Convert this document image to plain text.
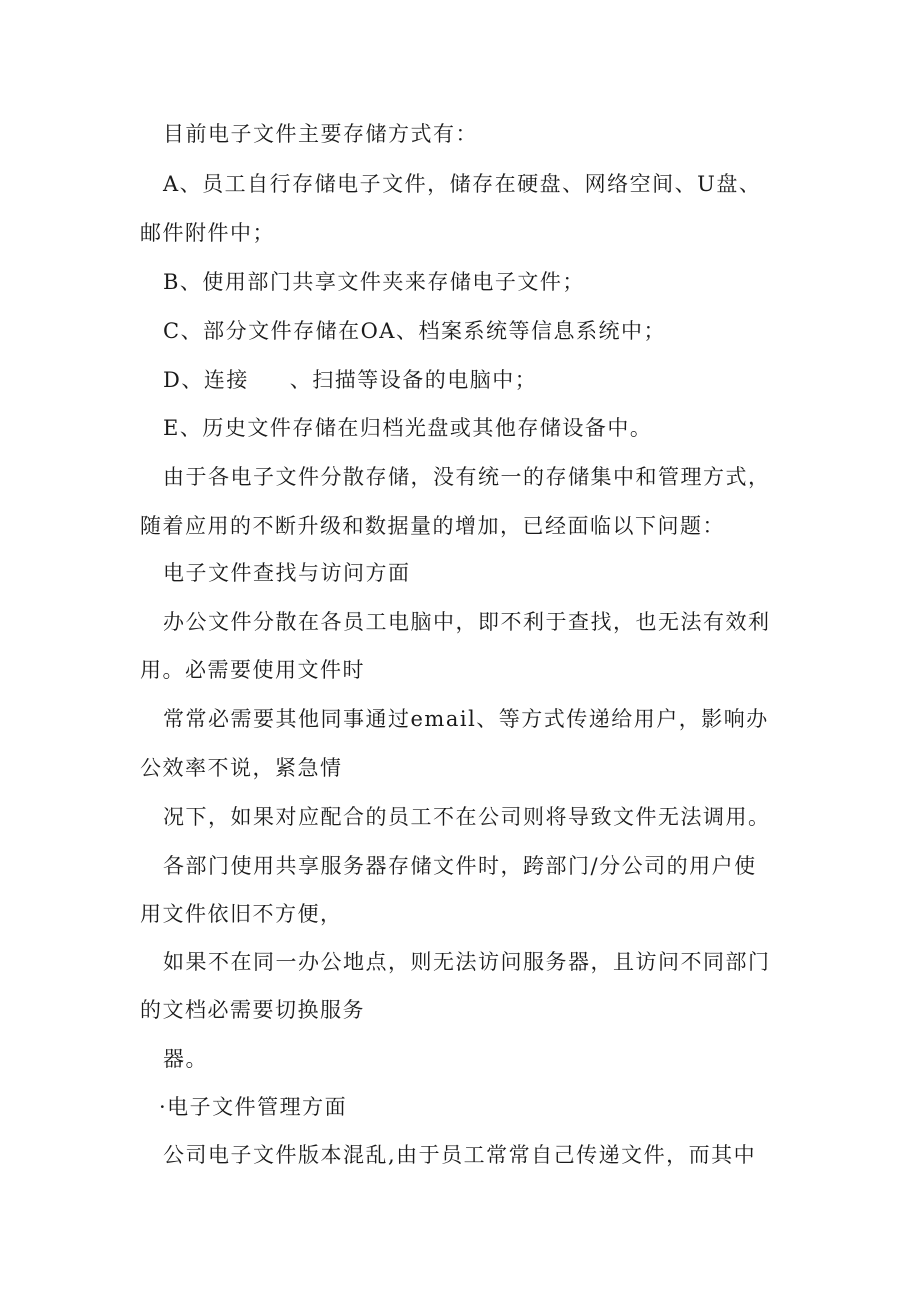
目前电子文件主要存储方式有：
A、员工自行存储电子文件，储存在硬盘、网络空间、U盘、
邮件附件中；
B、使用部门共享文件夹来存储电子文件；
C、部分文件存储在OA、档案系统等信息系统中；
D、连接     、扫描等设备的电脑中；
E、历史文件存储在归档光盘或其他存储设备中。
由于各电子文件分散存储，没有统一的存储集中和管理方式，
随着应用的不断升级和数据量的增加，已经面临以下问题：
电子文件查找与访问方面
办公文件分散在各员工电脑中，即不利于查找，也无法有效利
用。必需要使用文件时
常常必需要其他同事通过email、等方式传递给用户，影响办
公效率不说，紧急情
况下，如果对应配合的员工不在公司则将导致文件无法调用。
各部门使用共享服务器存储文件时，跨部门/分公司的用户使
用文件依旧不方便，
如果不在同一办公地点，则无法访问服务器，且访问不同部门
的文档必需要切换服务
器。
·电子文件管理方面
公司电子文件版本混乱,由于员工常常自己传递文件，而其中
